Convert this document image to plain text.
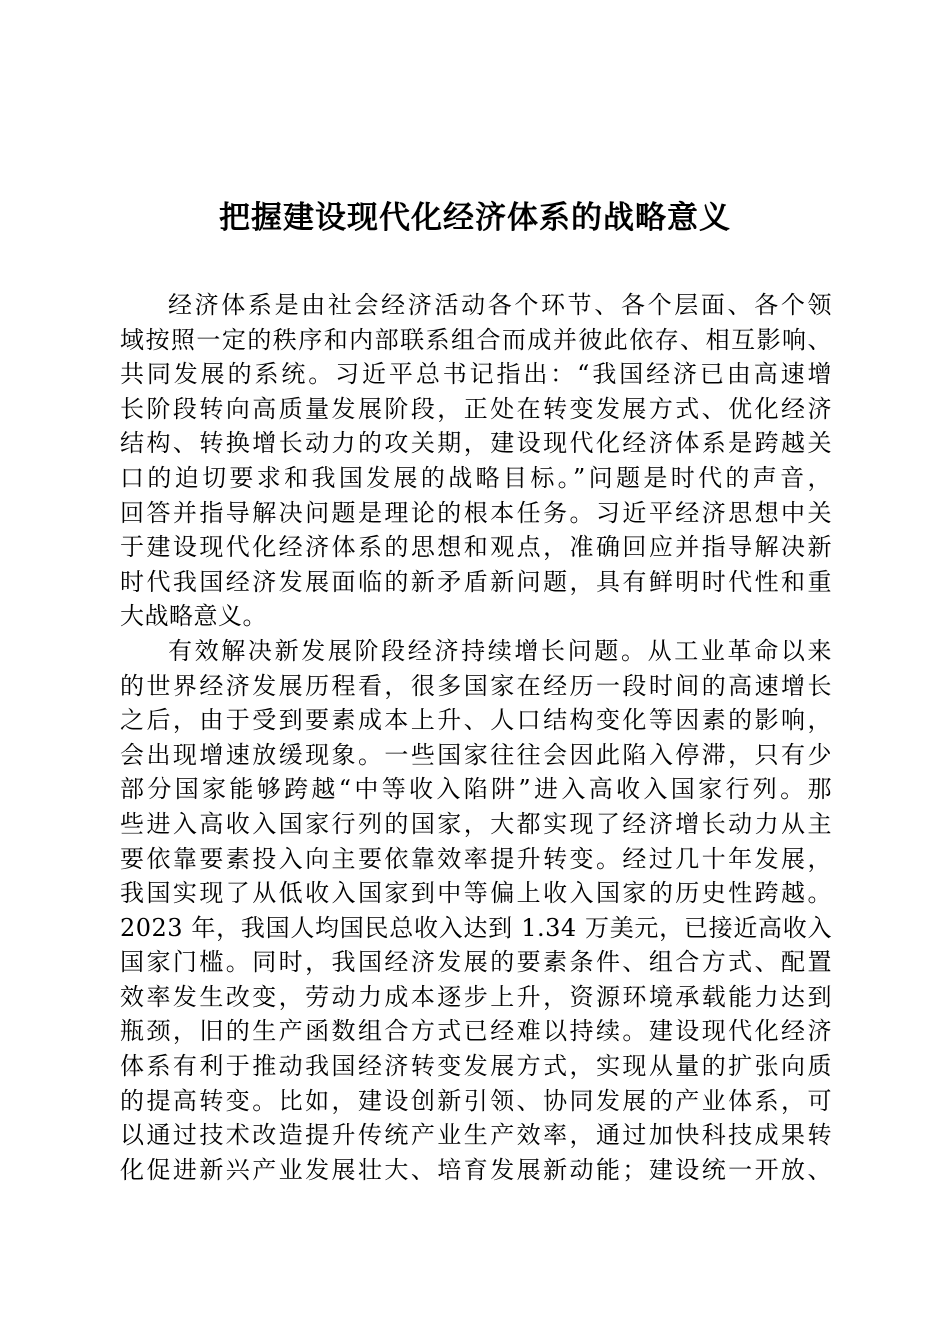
把握建设现代化经济体系的战略意义
经济体系是由社会经济活动各个环节、各个层面、各个领
域按照一定的秩序和内部联系组合而成并彼此依存、相互影响、
共同发展的系统。习近平总书记指出：“我国经济已由高速增
长阶段转向高质量发展阶段，正处在转变发展方式、优化经济
结构、转换增长动力的攻关期，建设现代化经济体系是跨越关
口的迫切要求和我国发展的战略目标。”问题是时代的声音，
回答并指导解决问题是理论的根本任务。习近平经济思想中关
于建设现代化经济体系的思想和观点，准确回应并指导解决新
时代我国经济发展面临的新矛盾新问题，具有鲜明时代性和重
大战略意义。
有效解决新发展阶段经济持续增长问题。从工业革命以来
的世界经济发展历程看，很多国家在经历一段时间的高速增长
之后，由于受到要素成本上升、人口结构变化等因素的影响，
会出现增速放缓现象。一些国家往往会因此陷入停滞，只有少
部分国家能够跨越“中等收入陷阱”进入高收入国家行列。那
些进入高收入国家行列的国家，大都实现了经济增长动力从主
要依靠要素投入向主要依靠效率提升转变。经过几十年发展，
我国实现了从低收入国家到中等偏上收入国家的历史性跨越。
2023 年，我国人均国民总收入达到 1.34 万美元，已接近高收入
国家门槛。同时，我国经济发展的要素条件、组合方式、配置
效率发生改变，劳动力成本逐步上升，资源环境承载能力达到
瓶颈，旧的生产函数组合方式已经难以持续。建设现代化经济
体系有利于推动我国经济转变发展方式，实现从量的扩张向质
的提高转变。比如，建设创新引领、协同发展的产业体系，可
以通过技术改造提升传统产业生产效率，通过加快科技成果转
化促进新兴产业发展壮大、培育发展新动能；建设统一开放、
